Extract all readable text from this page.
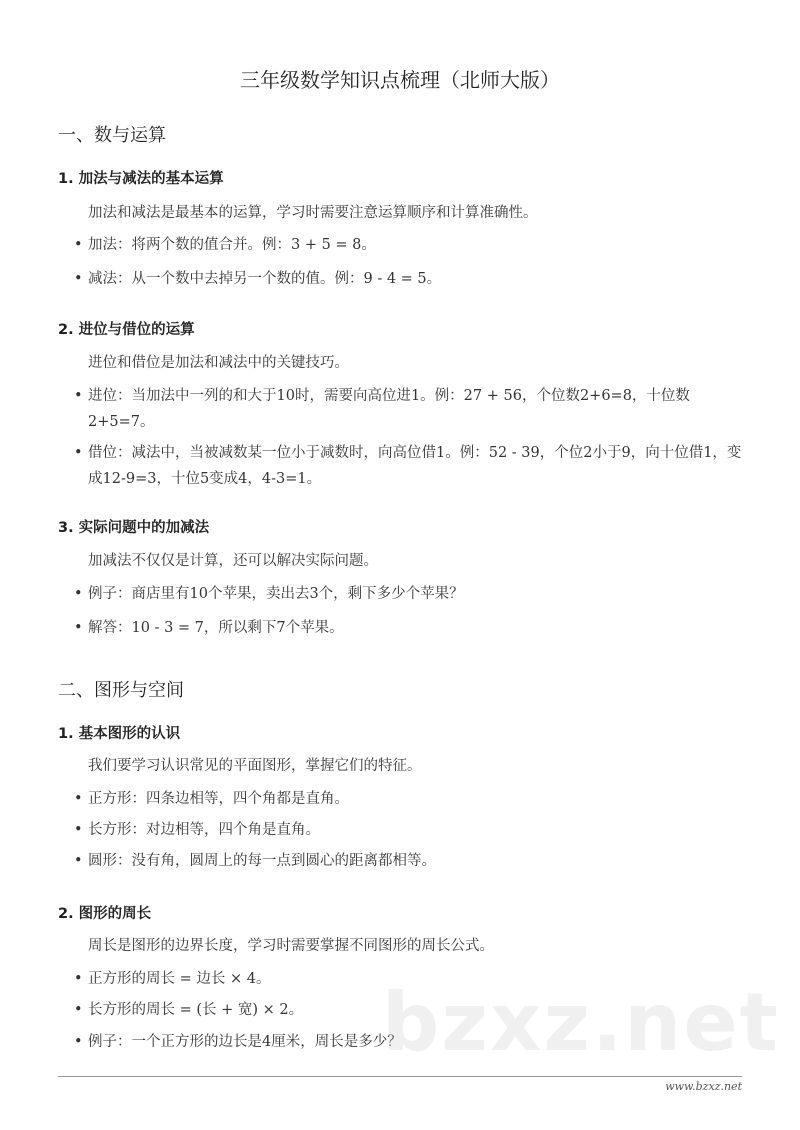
三年级数学知识点梳理（北师大版）
一、数与运算
1. 加法与减法的基本运算
加法和减法是最基本的运算，学习时需要注意运算顺序和计算准确性。
• 加法：将两个数的值合并。例：3 + 5 = 8。
• 减法：从一个数中去掉另一个数的值。例：9 - 4 = 5。
2. 进位与借位的运算
进位和借位是加法和减法中的关键技巧。
• 进位：当加法中一列的和大于10时，需要向高位进1。例：27 + 56，个位数2+6=8，十位数2+5=7。
• 借位：减法中，当被减数某一位小于减数时，向高位借1。例：52 - 39，个位2小于9，向十位借1，变成12-9=3，十位5变成4，4-3=1。
3. 实际问题中的加减法
加减法不仅仅是计算，还可以解决实际问题。
• 例子：商店里有10个苹果，卖出去3个，剩下多少个苹果？
• 解答：10 - 3 = 7，所以剩下7个苹果。
二、图形与空间
1. 基本图形的认识
我们要学习认识常见的平面图形，掌握它们的特征。
• 正方形：四条边相等，四个角都是直角。
• 长方形：对边相等，四个角是直角。
• 圆形：没有角，圆周上的每一点到圆心的距离都相等。
2. 图形的周长
周长是图形的边界长度，学习时需要掌握不同图形的周长公式。
• 正方形的周长 = 边长 × 4。
• 长方形的周长 = (长 + 宽) × 2。
• 例子：一个正方形的边长是4厘米，周长是多少？
bzxz.net
www.bzxz.net
